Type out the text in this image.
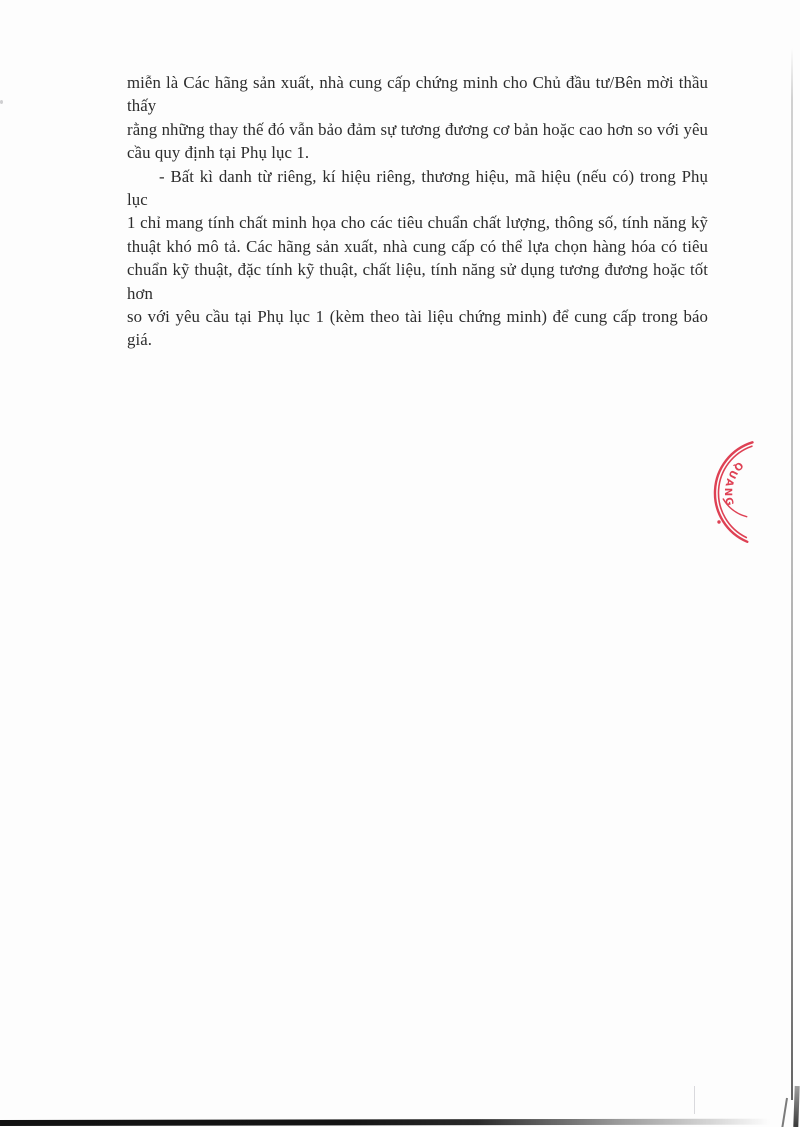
miễn là Các hãng sản xuất, nhà cung cấp chứng minh cho Chủ đầu tư/Bên mời thầu thấy
rằng những thay thế đó vẫn bảo đảm sự tương đương cơ bản hoặc cao hơn so với yêu
cầu quy định tại Phụ lục 1.
- Bất kì danh từ riêng, kí hiệu riêng, thương hiệu, mã hiệu (nếu có) trong Phụ lục
1 chỉ mang tính chất minh họa cho các tiêu chuẩn chất lượng, thông số, tính năng kỹ
thuật khó mô tả. Các hãng sản xuất, nhà cung cấp có thể lựa chọn hàng hóa có tiêu
chuẩn kỹ thuật, đặc tính kỹ thuật, chất liệu, tính năng sử dụng tương đương hoặc tốt hơn
so với yêu cầu tại Phụ lục 1 (kèm theo tài liệu chứng minh) để cung cấp trong báo giá.
QUANG
